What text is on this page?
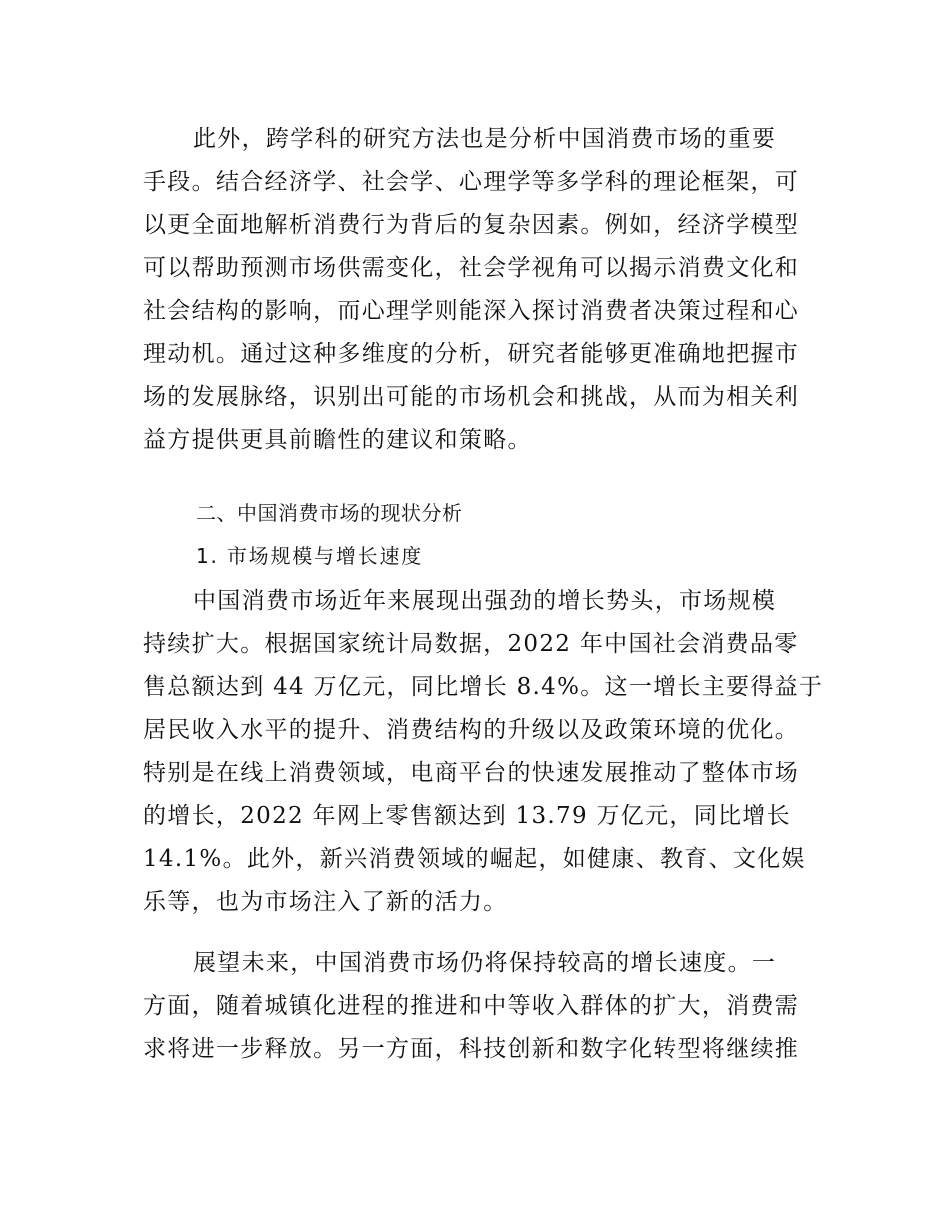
此外，跨学科的研究方法也是分析中国消费市场的重要
手段。结合经济学、社会学、心理学等多学科的理论框架，可
以更全面地解析消费行为背后的复杂因素。例如，经济学模型
可以帮助预测市场供需变化，社会学视角可以揭示消费文化和
社会结构的影响，而心理学则能深入探讨消费者决策过程和心
理动机。通过这种多维度的分析，研究者能够更准确地把握市
场的发展脉络，识别出可能的市场机会和挑战，从而为相关利
益方提供更具前瞻性的建议和策略。
二、中国消费市场的现状分析
1. 市场规模与增长速度
中国消费市场近年来展现出强劲的增长势头，市场规模
持续扩大。根据国家统计局数据，2022 年中国社会消费品零
售总额达到 44 万亿元，同比增长 8.4%。这一增长主要得益于
居民收入水平的提升、消费结构的升级以及政策环境的优化。
特别是在线上消费领域，电商平台的快速发展推动了整体市场
的增长，2022 年网上零售额达到 13.79 万亿元，同比增长
14.1%。此外，新兴消费领域的崛起，如健康、教育、文化娱
乐等，也为市场注入了新的活力。
展望未来，中国消费市场仍将保持较高的增长速度。一
方面，随着城镇化进程的推进和中等收入群体的扩大，消费需
求将进一步释放。另一方面，科技创新和数字化转型将继续推
